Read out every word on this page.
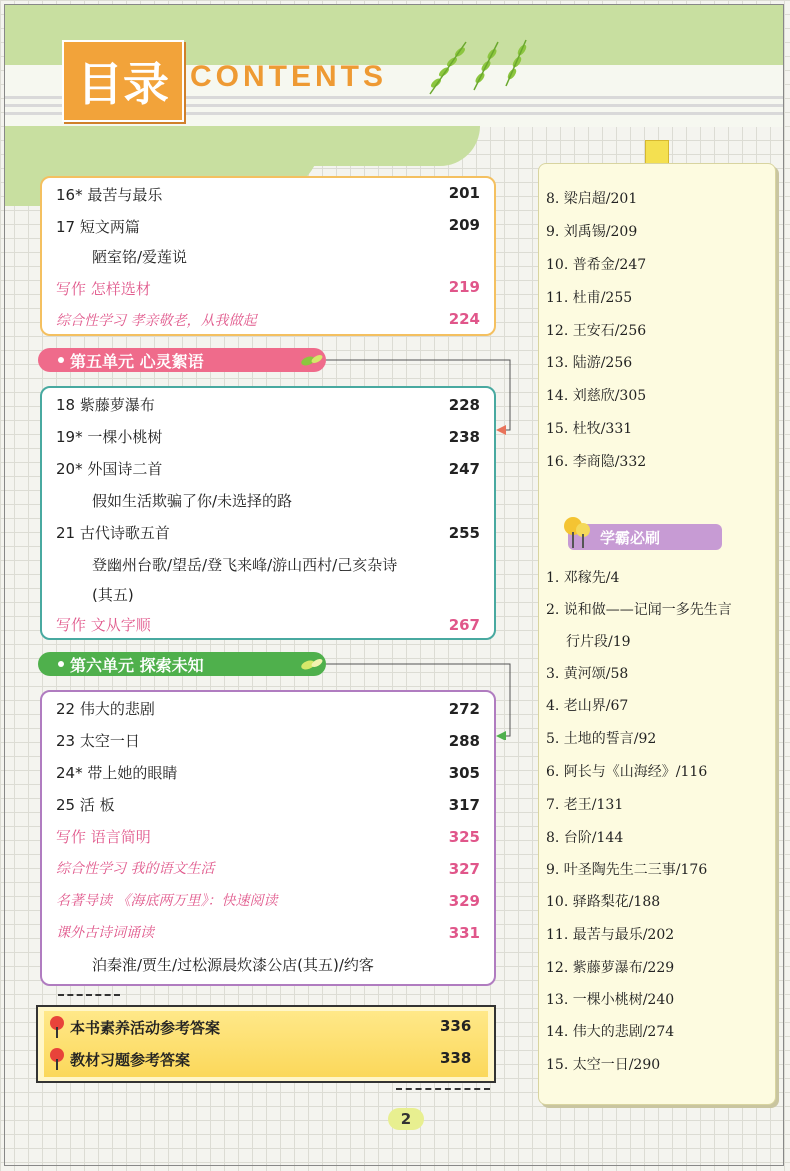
目录 CONTENTS
16* 最苦与最乐	201
17 短文两篇	209
陋室铭/爱莲说
写作 怎样选材	219
综合性学习 孝亲敬老，从我做起	224
第五单元 心灵絮语
18 紫藤萝瀑布	228
19* 一棵小桃树	238
20* 外国诗二首	247
假如生活欺骗了你/未选择的路
21 古代诗歌五首	255
登幽州台歌/望岳/登飞来峰/游山西村/己亥杂诗
(其五)
写作 文从字顺	267
第六单元 探索未知
22 伟大的悲剧	272
23 太空一日	288
24* 带上她的眼睛	305
25 活 板	317
写作 语言简明	325
综合性学习 我的语文生活	327
名著导读 《海底两万里》：快速阅读	329
课外古诗词诵读	331
泊秦淮/贾生/过松源晨炊漆公店(其五)/约客
本书素养活动参考答案	336
教材习题参考答案	338
8. 梁启超/201
9. 刘禹锡/209
10. 普希金/247
11. 杜甫/255
12. 王安石/256
13. 陆游/256
14. 刘慈欣/305
15. 杜牧/331
16. 李商隐/332
学霸必刷
1. 邓稼先/4
2. 说和做——记闻一多先生言
行片段/19
3. 黄河颂/58
4. 老山界/67
5. 土地的誓言/92
6. 阿长与《山海经》/116
7. 老王/131
8. 台阶/144
9. 叶圣陶先生二三事/176
10. 驿路梨花/188
11. 最苦与最乐/202
12. 紫藤萝瀑布/229
13. 一棵小桃树/240
14. 伟大的悲剧/274
15. 太空一日/290
2
